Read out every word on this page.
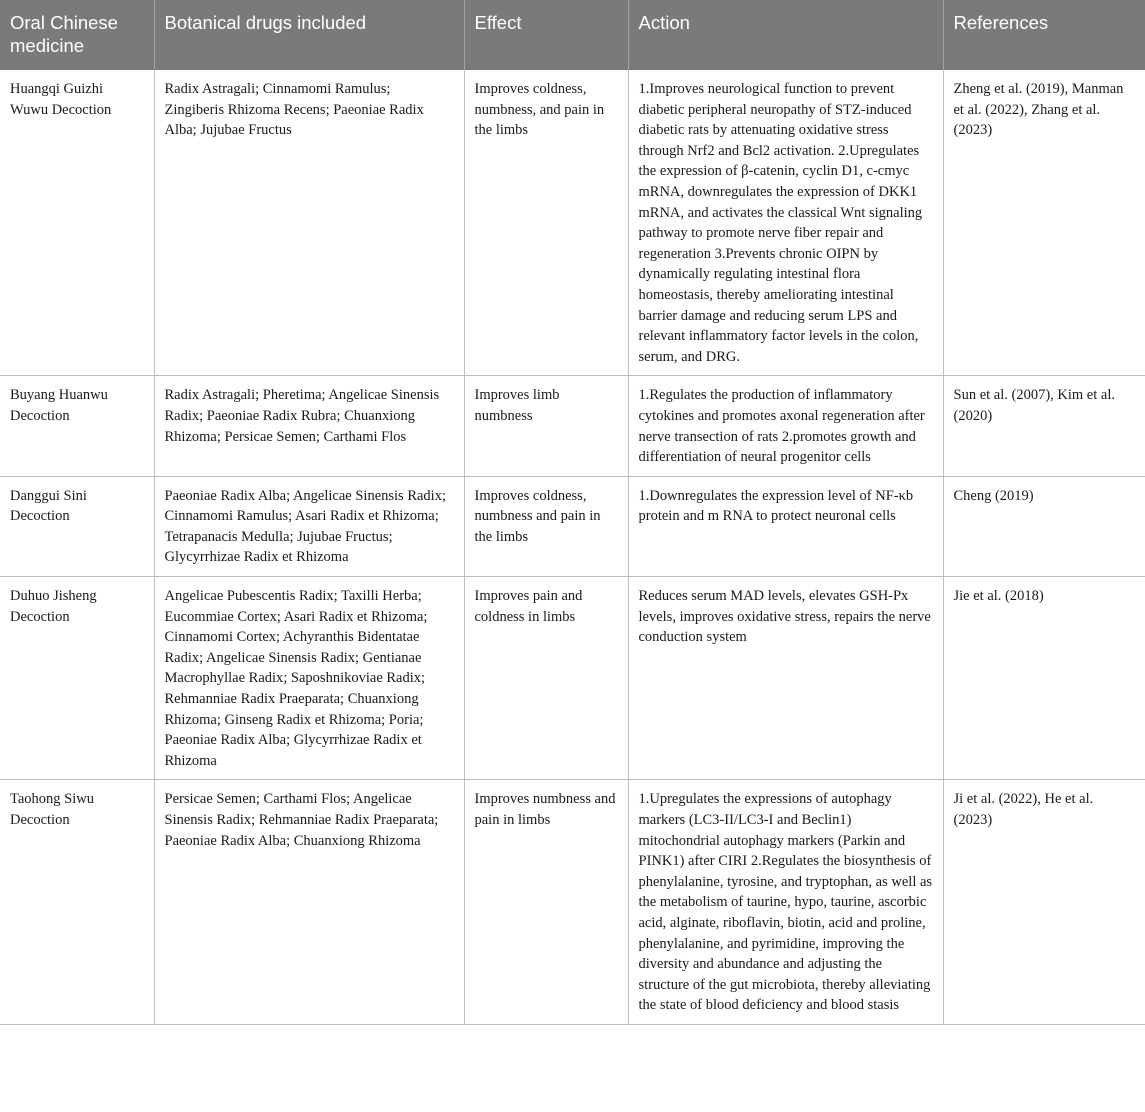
Oral Chinese medicine	Botanical drugs included	Effect	Action	References
Huangqi Guizhi Wuwu Decoction	Radix Astragali; Cinnamomi Ramulus; Zingiberis Rhizoma Recens; Paeoniae Radix Alba; Jujubae Fructus	Improves coldness, numbness, and pain in the limbs	1.Improves neurological function to prevent diabetic peripheral neuropathy of STZ-induced diabetic rats by attenuating oxidative stress through Nrf2 and Bcl2 activation. 2.Upregulates the expression of β-catenin, cyclin D1, c-cmyc mRNA, downregulates the expression of DKK1 mRNA, and activates the classical Wnt signaling pathway to promote nerve fiber repair and regeneration 3.Prevents chronic OIPN by dynamically regulating intestinal flora homeostasis, thereby ameliorating intestinal barrier damage and reducing serum LPS and relevant inflammatory factor levels in the colon, serum, and DRG.	Zheng et al. (2019), Manman et al. (2022), Zhang et al. (2023)
Buyang Huanwu Decoction	Radix Astragali; Pheretima; Angelicae Sinensis Radix; Paeoniae Radix Rubra; Chuanxiong Rhizoma; Persicae Semen; Carthami Flos	Improves limb numbness	1.Regulates the production of inflammatory cytokines and promotes axonal regeneration after nerve transection of rats 2.promotes growth and differentiation of neural progenitor cells	Sun et al. (2007), Kim et al. (2020)
Danggui Sini Decoction	Paeoniae Radix Alba; Angelicae Sinensis Radix; Cinnamomi Ramulus; Asari Radix et Rhizoma; Tetrapanacis Medulla; Jujubae Fructus; Glycyrrhizae Radix et Rhizoma	Improves coldness, numbness and pain in the limbs	1.Downregulates the expression level of NF-κb protein and m RNA to protect neuronal cells	Cheng (2019)
Duhuo Jisheng Decoction	Angelicae Pubescentis Radix; Taxilli Herba; Eucommiae Cortex; Asari Radix et Rhizoma; Cinnamomi Cortex; Achyranthis Bidentatae Radix; Angelicae Sinensis Radix; Gentianae Macrophyllae Radix; Saposhnikoviae Radix; Rehmanniae Radix Praeparata; Chuanxiong Rhizoma; Ginseng Radix et Rhizoma; Poria; Paeoniae Radix Alba; Glycyrrhizae Radix et Rhizoma	Improves pain and coldness in limbs	Reduces serum MAD levels, elevates GSH-Px levels, improves oxidative stress, repairs the nerve conduction system	Jie et al. (2018)
Taohong Siwu Decoction	Persicae Semen; Carthami Flos; Angelicae Sinensis Radix; Rehmanniae Radix Praeparata; Paeoniae Radix Alba; Chuanxiong Rhizoma	Improves numbness and pain in limbs	1.Upregulates the expressions of autophagy markers (LC3-II/LC3-I and Beclin1) mitochondrial autophagy markers (Parkin and PINK1) after CIRI 2.Regulates the biosynthesis of phenylalanine, tyrosine, and tryptophan, as well as the metabolism of taurine, hypo, taurine, ascorbic acid, alginate, riboflavin, biotin, acid and proline, phenylalanine, and pyrimidine, improving the diversity and abundance and adjusting the structure of the gut microbiota, thereby alleviating the state of blood deficiency and blood stasis	Ji et al. (2022), He et al. (2023)
